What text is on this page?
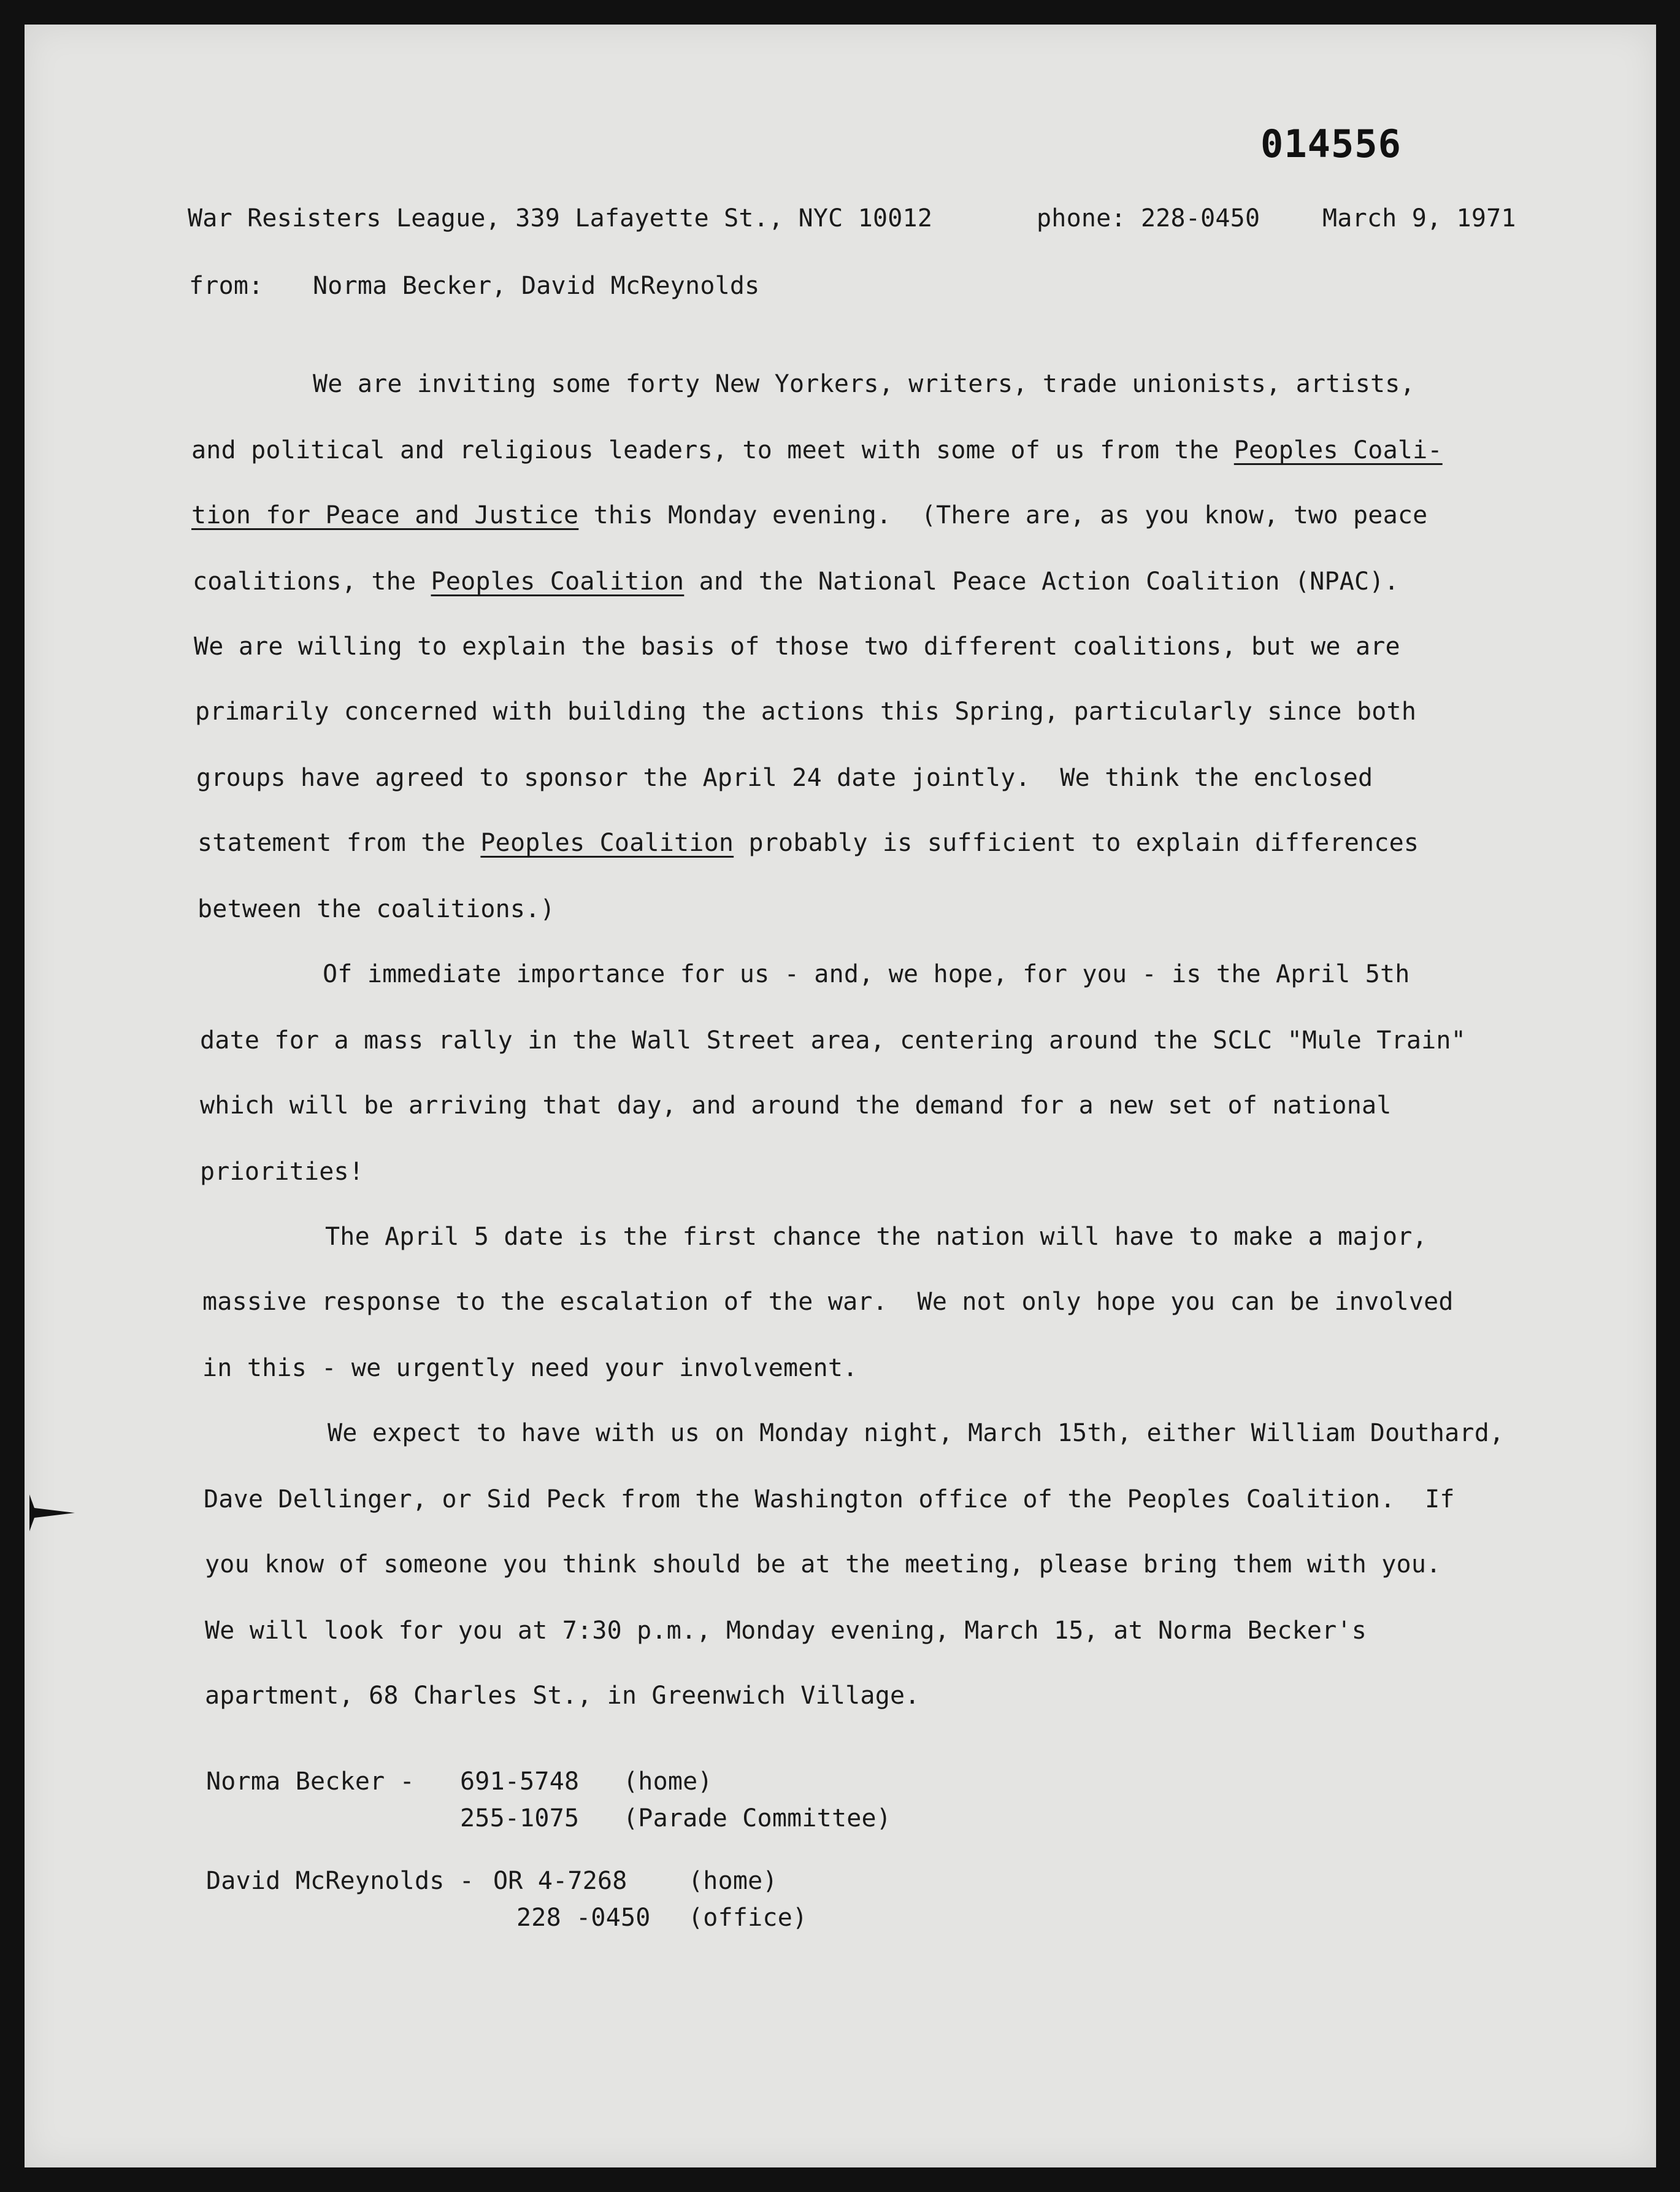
014556
War Resisters League, 339 Lafayette St., NYC 10012	phone: 228-0450	March 9, 1971
from: Norma Becker, David McReynolds
We are inviting some forty New Yorkers, writers, trade unionists, artists,
and political and religious leaders, to meet with some of us from the Peoples Coali-
tion for Peace and Justice this Monday evening.  (There are, as you know, two peace
coalitions, the Peoples Coalition and the National Peace Action Coalition (NPAC).
We are willing to explain the basis of those two different coalitions, but we are
primarily concerned with building the actions this Spring, particularly since both
groups have agreed to sponsor the April 24 date jointly.  We think the enclosed
statement from the Peoples Coalition probably is sufficient to explain differences
between the coalitions.)
Of immediate importance for us - and, we hope, for you - is the April 5th
date for a mass rally in the Wall Street area, centering around the SCLC "Mule Train"
which will be arriving that day, and around the demand for a new set of national
priorities!
The April 5 date is the first chance the nation will have to make a major,
massive response to the escalation of the war.  We not only hope you can be involved
in this - we urgently need your involvement.
We expect to have with us on Monday night, March 15th, either William Douthard,
Dave Dellinger, or Sid Peck from the Washington office of the Peoples Coalition.  If
you know of someone you think should be at the meeting, please bring them with you.
We will look for you at 7:30 p.m., Monday evening, March 15, at Norma Becker's
apartment, 68 Charles St., in Greenwich Village.
Norma Becker - 691-5748 (home)
255-1075 (Parade Committee)
David McReynolds - OR 4-7268 (home)
228 -0450 (office)
